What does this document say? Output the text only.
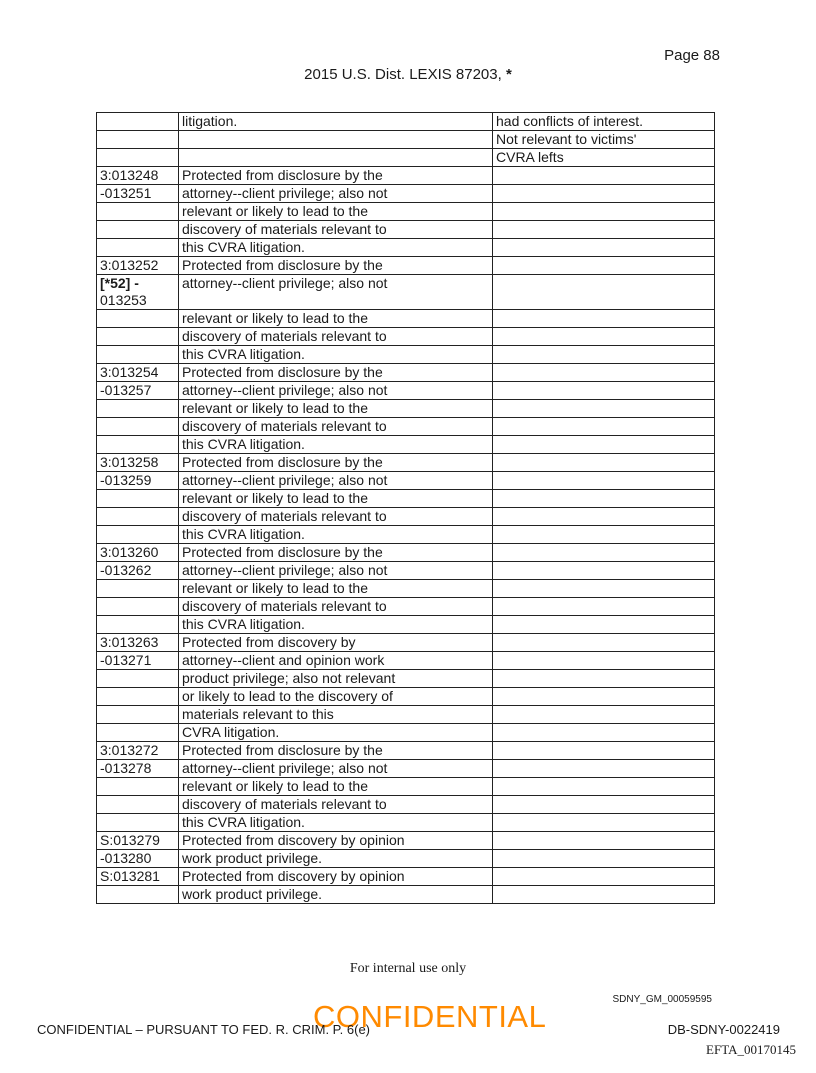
Page 88
2015 U.S. Dist. LEXIS 87203, *
	litigation.	had conflicts of interest.
		Not relevant to victims'
		CVRA lefts
3:013248	Protected from disclosure by the	
-013251	attorney--client privilege; also not	
	relevant or likely to lead to the	
	discovery of materials relevant to	
	this CVRA litigation.	
3:013252	Protected from disclosure by the	
[*52] -
013253	attorney--client privilege; also not	
	relevant or likely to lead to the	
	discovery of materials relevant to	
	this CVRA litigation.	
3:013254	Protected from disclosure by the	
-013257	attorney--client privilege; also not	
	relevant or likely to lead to the	
	discovery of materials relevant to	
	this CVRA litigation.	
3:013258	Protected from disclosure by the	
-013259	attorney--client privilege; also not	
	relevant or likely to lead to the	
	discovery of materials relevant to	
	this CVRA litigation.	
3:013260	Protected from disclosure by the	
-013262	attorney--client privilege; also not	
	relevant or likely to lead to the	
	discovery of materials relevant to	
	this CVRA litigation.	
3:013263	Protected from discovery by	
-013271	attorney--client and opinion work	
	product privilege; also not relevant	
	or likely to lead to the discovery of	
	materials relevant to this	
	CVRA litigation.	
3:013272	Protected from disclosure by the	
-013278	attorney--client privilege; also not	
	relevant or likely to lead to the	
	discovery of materials relevant to	
	this CVRA litigation.	
S:013279	Protected from discovery by opinion	
-013280	work product privilege.	
S:013281	Protected from discovery by opinion	
	work product privilege.	
For internal use only
SDNY_GM_00059595
CONFIDENTIAL
CONFIDENTIAL – PURSUANT TO FED. R. CRIM. P. 6(e)	DB-SDNY-0022419
EFTA_00170145
